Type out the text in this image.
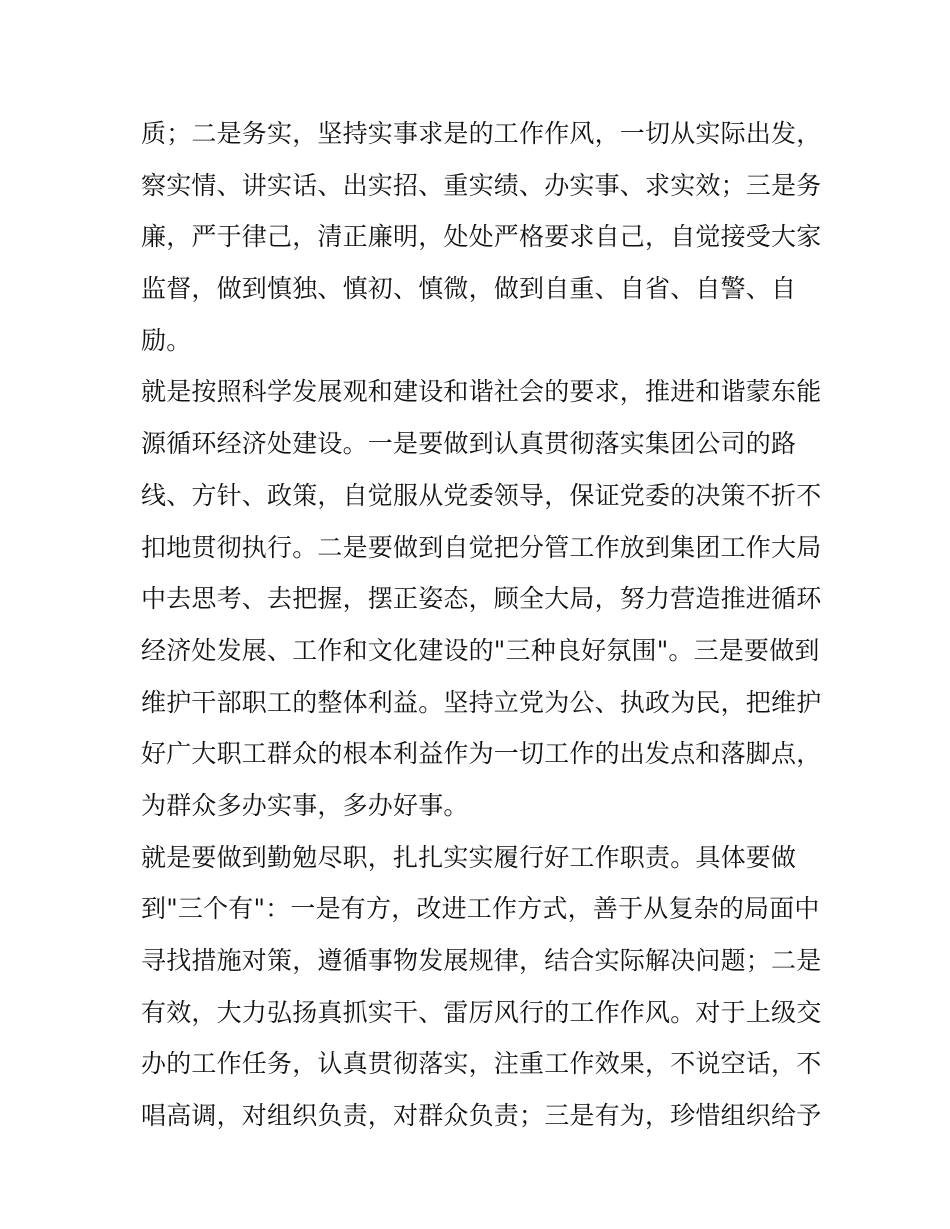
质；二是务实，坚持实事求是的工作作风，一切从实际出发，
察实情、讲实话、出实招、重实绩、办实事、求实效；三是务
廉，严于律己，清正廉明，处处严格要求自己，自觉接受大家
监督，做到慎独、慎初、慎微，做到自重、自省、自警、自
励。
就是按照科学发展观和建设和谐社会的要求，推进和谐蒙东能
源循环经济处建设。一是要做到认真贯彻落实集团公司的路
线、方针、政策，自觉服从党委领导，保证党委的决策不折不
扣地贯彻执行。二是要做到自觉把分管工作放到集团工作大局
中去思考、去把握，摆正姿态，顾全大局，努力营造推进循环
经济处发展、工作和文化建设的"三种良好氛围"。三是要做到
维护干部职工的整体利益。坚持立党为公、执政为民，把维护
好广大职工群众的根本利益作为一切工作的出发点和落脚点，
为群众多办实事，多办好事。
就是要做到勤勉尽职，扎扎实实履行好工作职责。具体要做
到"三个有"：一是有方，改进工作方式，善于从复杂的局面中
寻找措施对策，遵循事物发展规律，结合实际解决问题；二是
有效，大力弘扬真抓实干、雷厉风行的工作作风。对于上级交
办的工作任务，认真贯彻落实，注重工作效果，不说空话，不
唱高调，对组织负责，对群众负责；三是有为，珍惜组织给予
